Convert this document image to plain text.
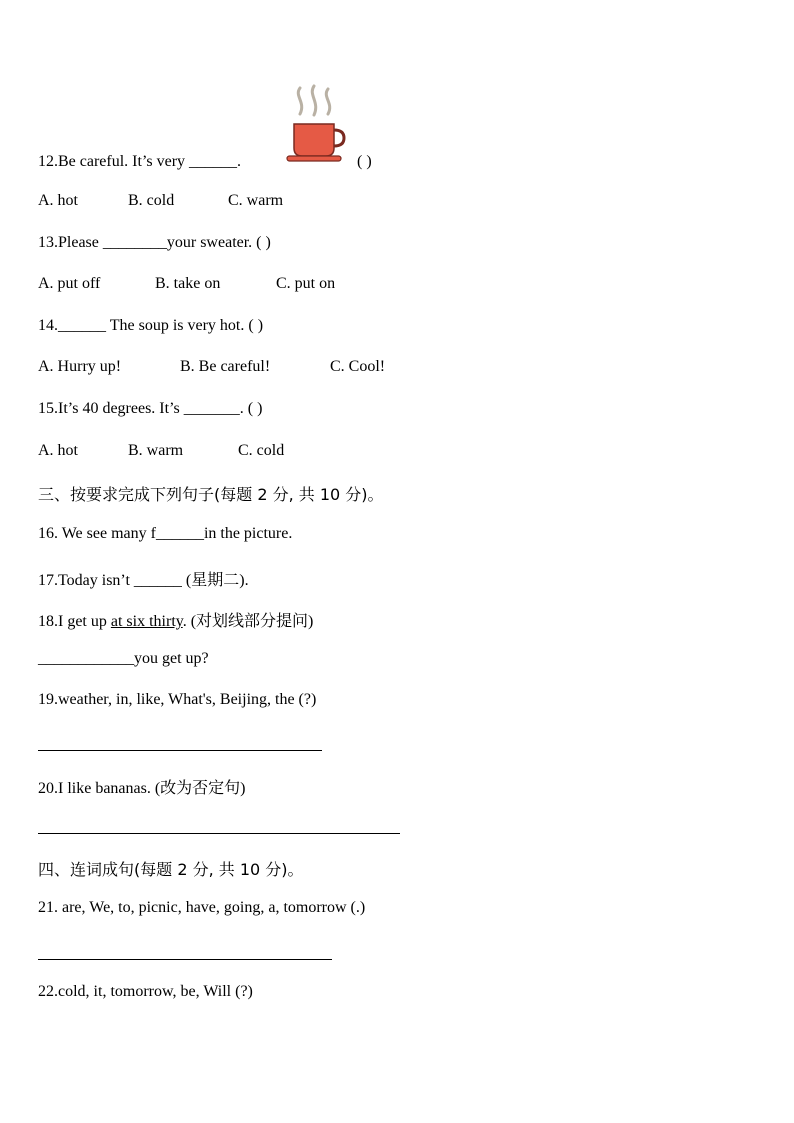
12.Be careful. It’s very ______.	( )
A. hot	B. cold	C. warm
13.Please ________your sweater. ( )
A. put off	B. take on	C. put on
14.______ The soup is very hot. ( )
A. Hurry up!	B. Be careful!	C. Cool!
15.It’s 40 degrees. It’s _______. ( )
A. hot	B. warm	C. cold
三、按要求完成下列句子(每题 2 分, 共 10 分)。
16. We see many f______in the picture.
17.Today isn’t ______ (星期二).
18.I get up at six thirty. (对划线部分提问)
____________you get up?
19.weather, in, like, What's, Beijing, the (?)
20.I like bananas. (改为否定句)
四、连词成句(每题 2 分, 共 10 分)。
21. are, We, to, picnic, have, going, a, tomorrow (.)
22.cold, it, tomorrow, be, Will (?)
